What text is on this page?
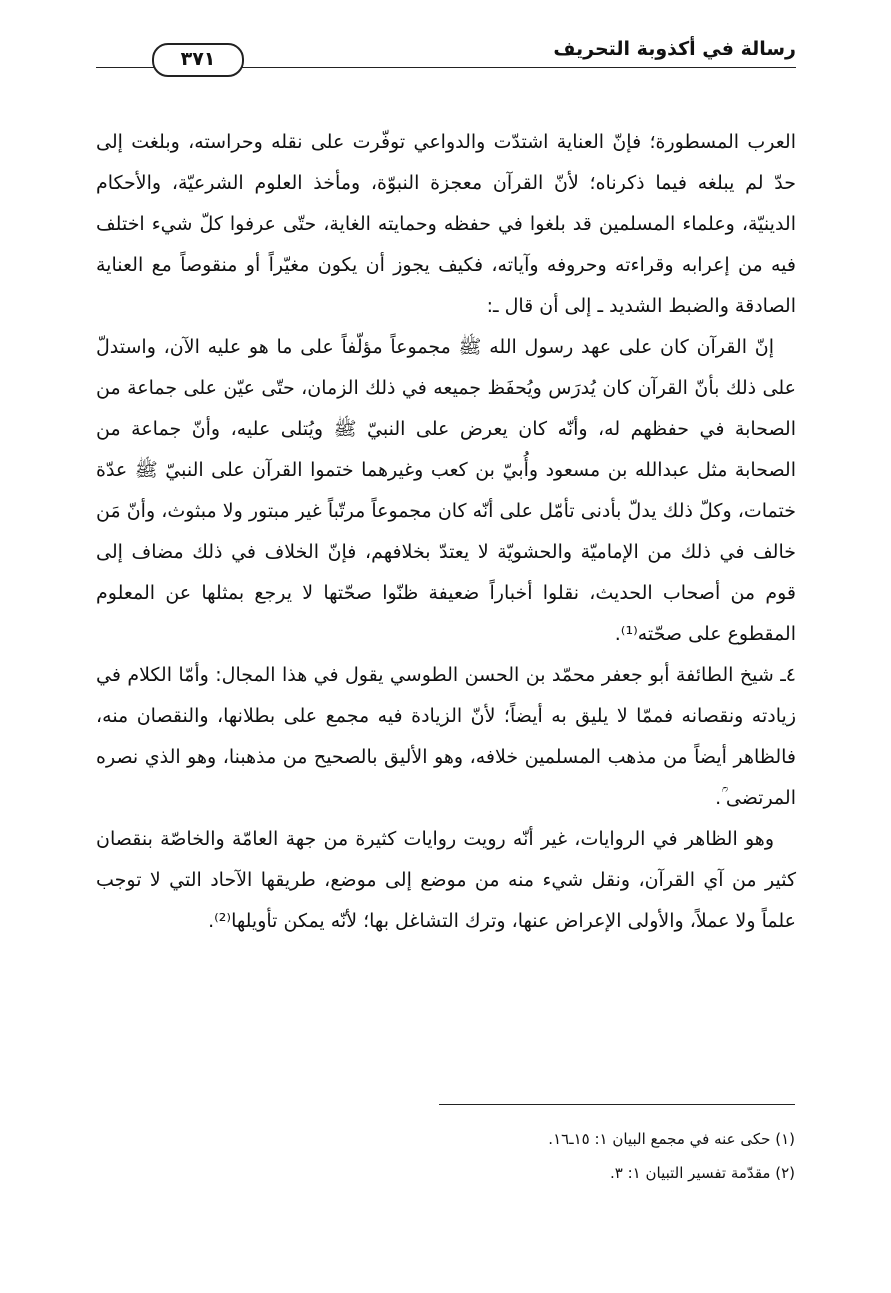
رسالة في أكذوبة التحريف
٣٧١

العرب المسطورة؛ فإنّ العناية اشتدّت والدواعي توفّرت على نقله وحراسته، وبلغت إلى حدّ لم يبلغه فيما ذكرناه؛ لأنّ القرآن معجزة النبوّة، ومأخذ العلوم الشرعيّة، والأحكام الدينيّة، وعلماء المسلمين قد بلغوا في حفظه وحمايته الغاية، حتّى عرفوا كلّ شيء اختلف فيه من إعرابه وقراءته وحروفه وآياته، فكيف يجوز أن يكون مغيّراً أو منقوصاً مع العناية الصادقة والضبط الشديد ـ إلى أن قال ـ:

إنّ القرآن كان على عهد رسول الله ﷺ مجموعاً مؤلّفاً على ما هو عليه الآن، واستدلّ على ذلك بأنّ القرآن كان يُدرَس ويُحفَظ جميعه في ذلك الزمان، حتّى عيّن على جماعة من الصحابة في حفظهم له، وأنّه كان يعرض على النبيّ ﷺ ويُتلى عليه، وأنّ جماعة من الصحابة مثل عبدالله بن مسعود وأُبيّ بن كعب وغيرهما ختموا القرآن على النبيّ ﷺ عدّة ختمات، وكلّ ذلك يدلّ بأدنى تأمّل على أنّه كان مجموعاً مرتّباً غير مبتور ولا مبثوث، وأنّ مَن خالف في ذلك من الإماميّة والحشويّة لا يعتدّ بخلافهم، فإنّ الخلاف في ذلك مضاف إلى قوم من أصحاب الحديث، نقلوا أخباراً ضعيفة ظنّوا صحّتها لا يرجع بمثلها عن المعلوم المقطوع على صحّته⁽¹⁾.

٤ـ شيخ الطائفة أبو جعفر محمّد بن الحسن الطوسي يقول في هذا المجال: وأمّا الكلام في زيادته ونقصانه فممّا لا يليق به أيضاً؛ لأنّ الزيادة فيه مجمع على بطلانها، والنقصان منه، فالظاهر أيضاً من مذهب المسلمين خلافه، وهو الأليق بالصحيح من مذهبنا، وهو الذي نصره المرتضى ؒ.

وهو الظاهر في الروايات، غير أنّه رويت روايات كثيرة من جهة العامّة والخاصّة بنقصان كثير من آي القرآن، ونقل شيء منه من موضع إلى موضع، طريقها الآحاد التي لا توجب علماً ولا عملاً، والأولى الإعراض عنها، وترك التشاغل بها؛ لأنّه يمكن تأويلها⁽²⁾.

(١) حكى عنه في مجمع البيان ١: ١٥ـ١٦.
(٢) مقدّمة تفسير التبيان ١: ٣.
